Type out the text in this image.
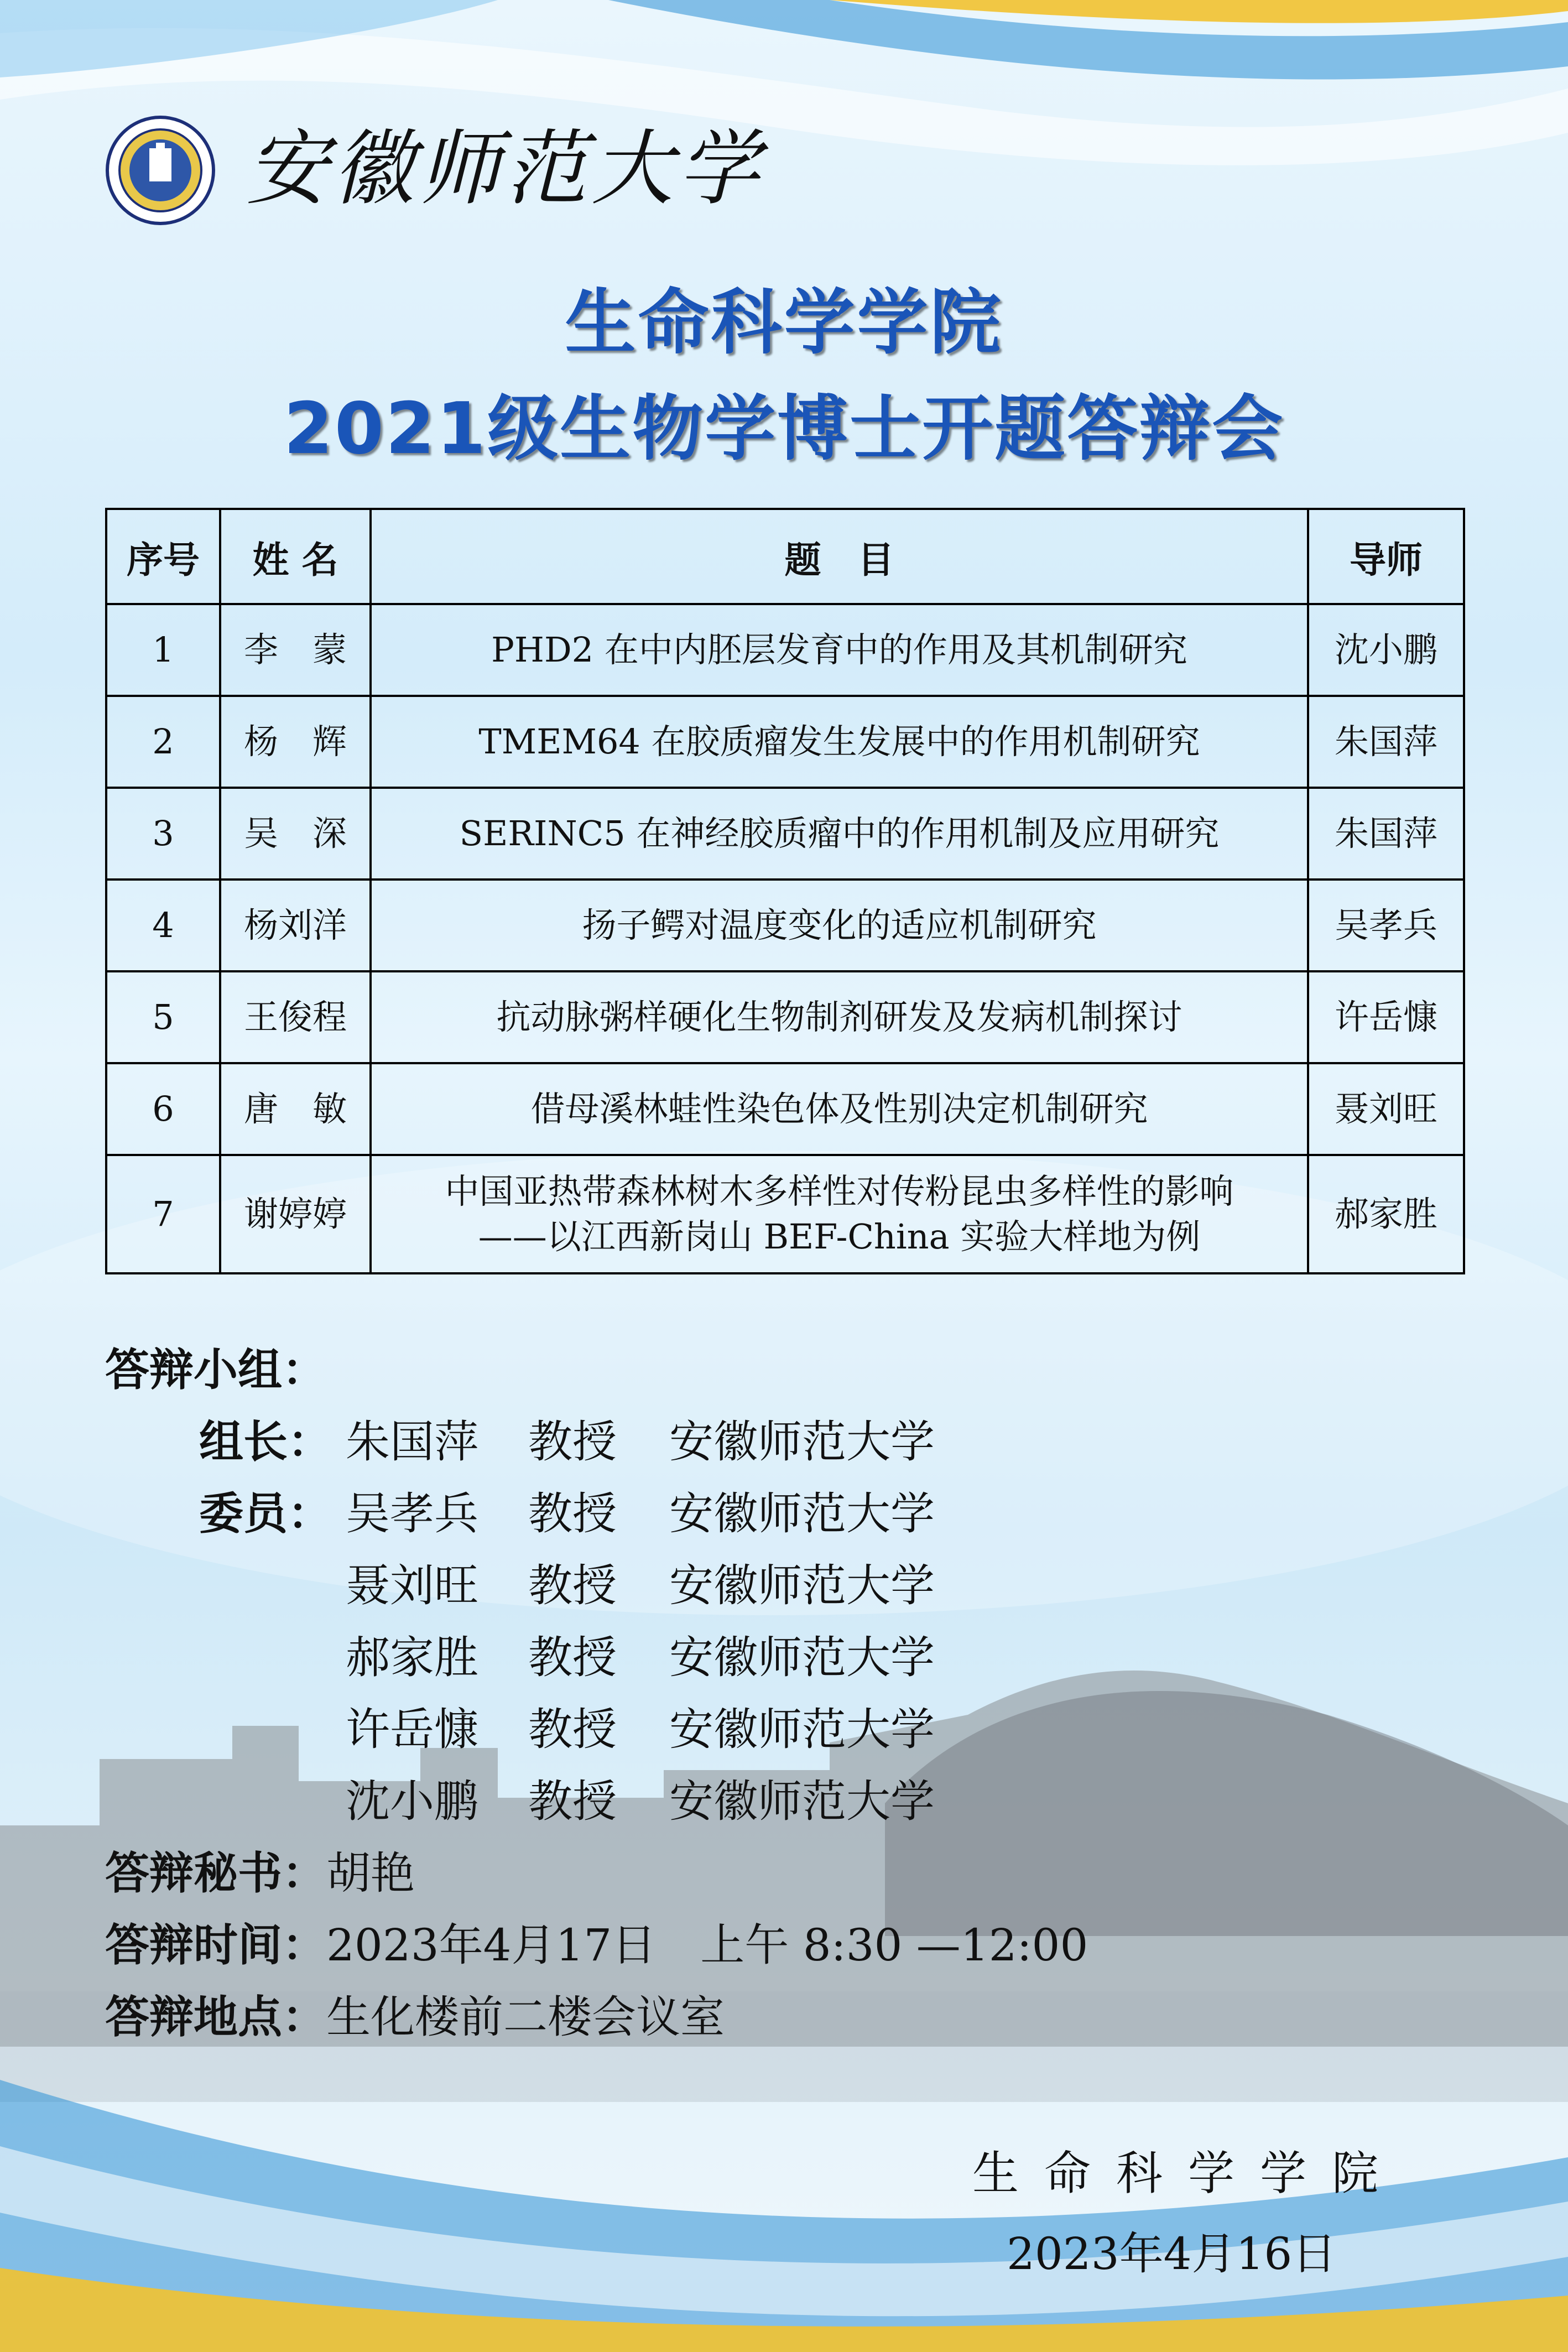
安徽师范大学
生命科学学院
2021级生物学博士开题答辩会
序号	姓 名	题　目	导师
1	李　蒙	PHD2 在中内胚层发育中的作用及其机制研究	沈小鹏
2	杨　辉	TMEM64 在胶质瘤发生发展中的作用机制研究	朱国萍
3	吴　深	SERINC5 在神经胶质瘤中的作用机制及应用研究	朱国萍
4	杨刘洋	扬子鳄对温度变化的适应机制研究	吴孝兵
5	王俊程	抗动脉粥样硬化生物制剂研发及发病机制探讨	许岳慷
6	唐　敏	借母溪林蛙性染色体及性别决定机制研究	聂刘旺
7	谢婷婷	中国亚热带森林树木多样性对传粉昆虫多样性的影响
——以江西新岗山 BEF-China 实验大样地为例	郝家胜
答辩小组：
组长： 朱国萍 教授 安徽师范大学
委员： 吴孝兵 教授 安徽师范大学
聂刘旺 教授 安徽师范大学
郝家胜 教授 安徽师范大学
许岳慷 教授 安徽师范大学
沈小鹏 教授 安徽师范大学
答辩秘书：胡艳
答辩时间：2023年4月17日　上午 8:30 —12:00
答辩地点：生化楼前二楼会议室
生命科学学院
2023年4月16日
